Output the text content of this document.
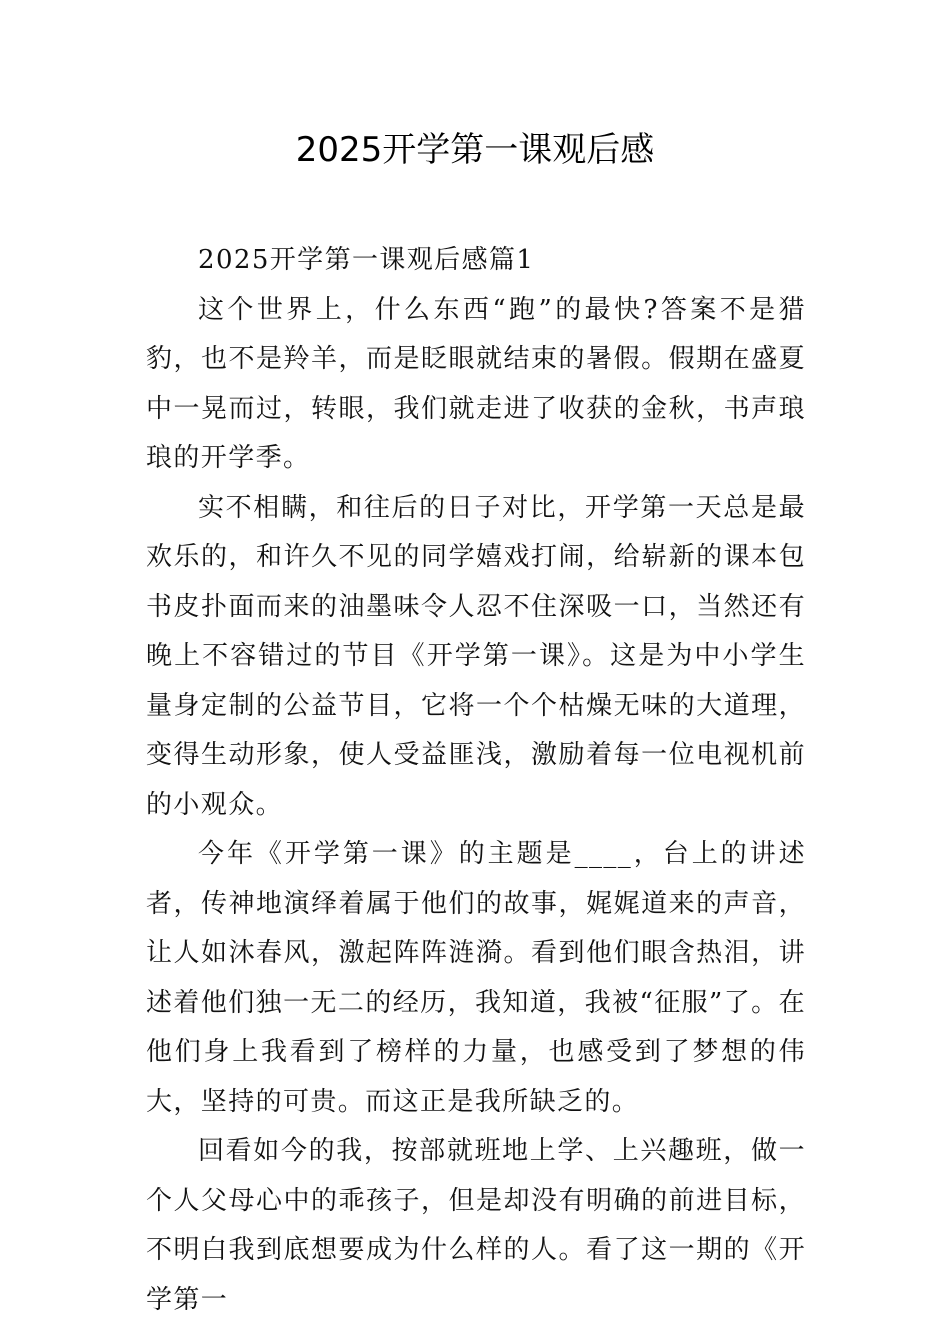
2025开学第一课观后感

2025开学第一课观后感篇1

这个世界上，什么东西“跑”的最快?答案不是猎豹，也不是羚羊，而是眨眼就结束的暑假。假期在盛夏中一晃而过，转眼，我们就走进了收获的金秋，书声琅琅的开学季。

实不相瞒，和往后的日子对比，开学第一天总是最欢乐的，和许久不见的同学嬉戏打闹，给崭新的课本包书皮扑面而来的油墨味令人忍不住深吸一口，当然还有晚上不容错过的节目《开学第一课》。这是为中小学生量身定制的公益节目，它将一个个枯燥无味的大道理，变得生动形象，使人受益匪浅，激励着每一位电视机前的小观众。

今年《开学第一课》的主题是____，台上的讲述者，传神地演绎着属于他们的故事，娓娓道来的声音，让人如沐春风，激起阵阵涟漪。看到他们眼含热泪，讲述着他们独一无二的经历，我知道，我被“征服”了。在他们身上我看到了榜样的力量，也感受到了梦想的伟大，坚持的可贵。而这正是我所缺乏的。

回看如今的我，按部就班地上学、上兴趣班，做一个人父母心中的乖孩子，但是却没有明确的前进目标，不明白我到底想要成为什么样的人。看了这一期的《开学第一
